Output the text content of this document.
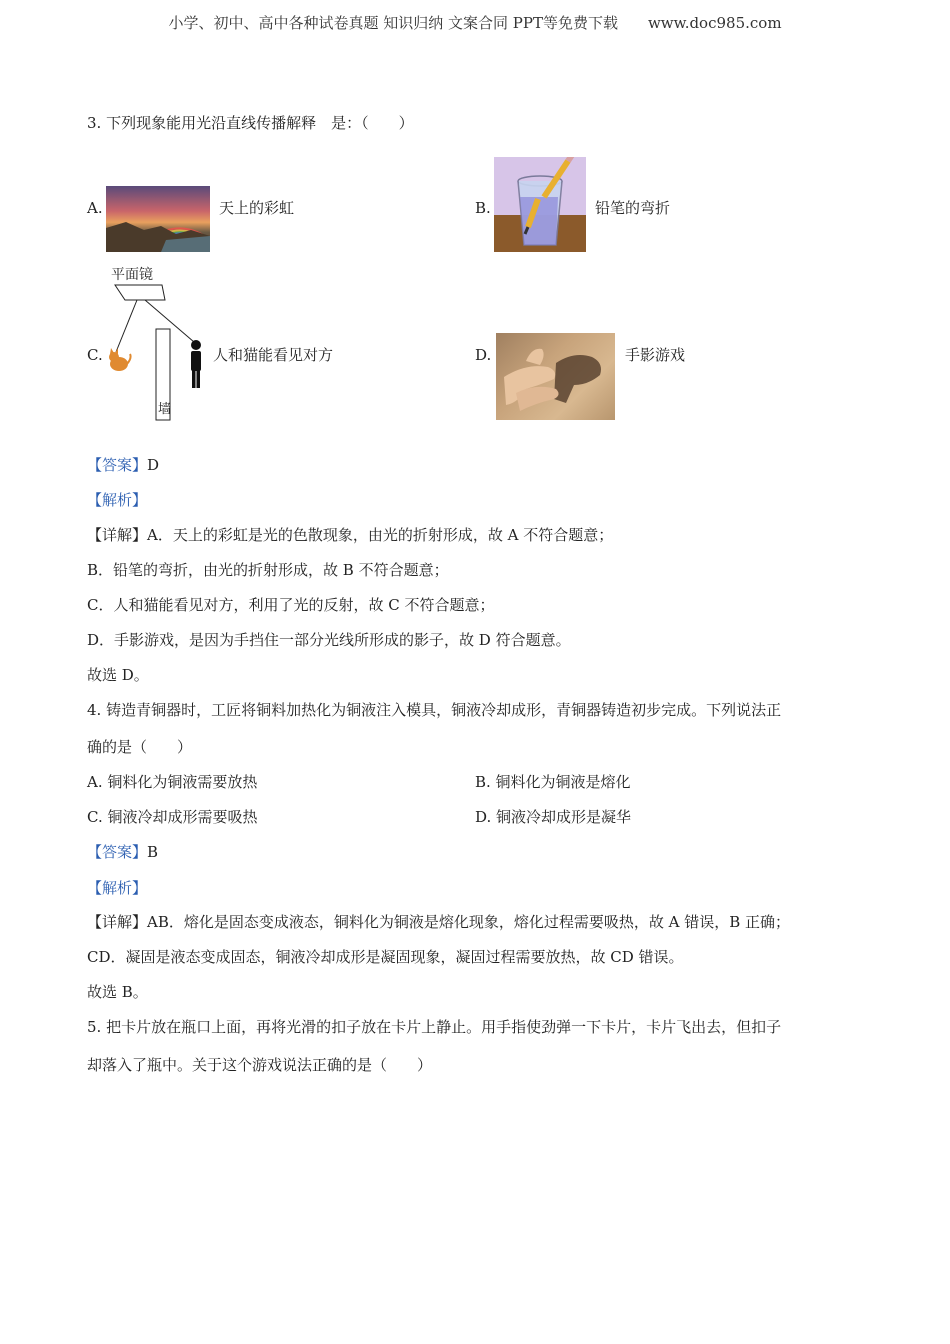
小学、初中、高中各种试卷真题 知识归纳 文案合同 PPT等免费下载　　www.doc985.com
3. 下列现象能用光沿直线传播解释　是：（　　）
A.	天上的彩虹	B.	铅笔的弯折
平面镜
墙
C.	人和猫能看见对方	D.	手影游戏
【答案】D
【解析】
【详解】A．天上的彩虹是光的色散现象，由光的折射形成，故 A 不符合题意；
B．铅笔的弯折，由光的折射形成，故 B 不符合题意；
C．人和猫能看见对方，利用了光的反射，故 C 不符合题意；
D．手影游戏，是因为手挡住一部分光线所形成的影子，故 D 符合题意。
故选 D。
4. 铸造青铜器时，工匠将铜料加热化为铜液注入模具，铜液冷却成形，青铜器铸造初步完成。下列说法正
确的是（　　）
A. 铜料化为铜液需要放热	B. 铜料化为铜液是熔化
C. 铜液冷却成形需要吸热	D. 铜液冷却成形是凝华
【答案】B
【解析】
【详解】AB．熔化是固态变成液态，铜料化为铜液是熔化现象，熔化过程需要吸热，故 A 错误，B 正确；
CD．凝固是液态变成固态，铜液冷却成形是凝固现象，凝固过程需要放热，故 CD 错误。
故选 B。
5. 把卡片放在瓶口上面，再将光滑的扣子放在卡片上静止。用手指使劲弹一下卡片，卡片飞出去，但扣子
却落入了瓶中。关于这个游戏说法正确的是（　　）
